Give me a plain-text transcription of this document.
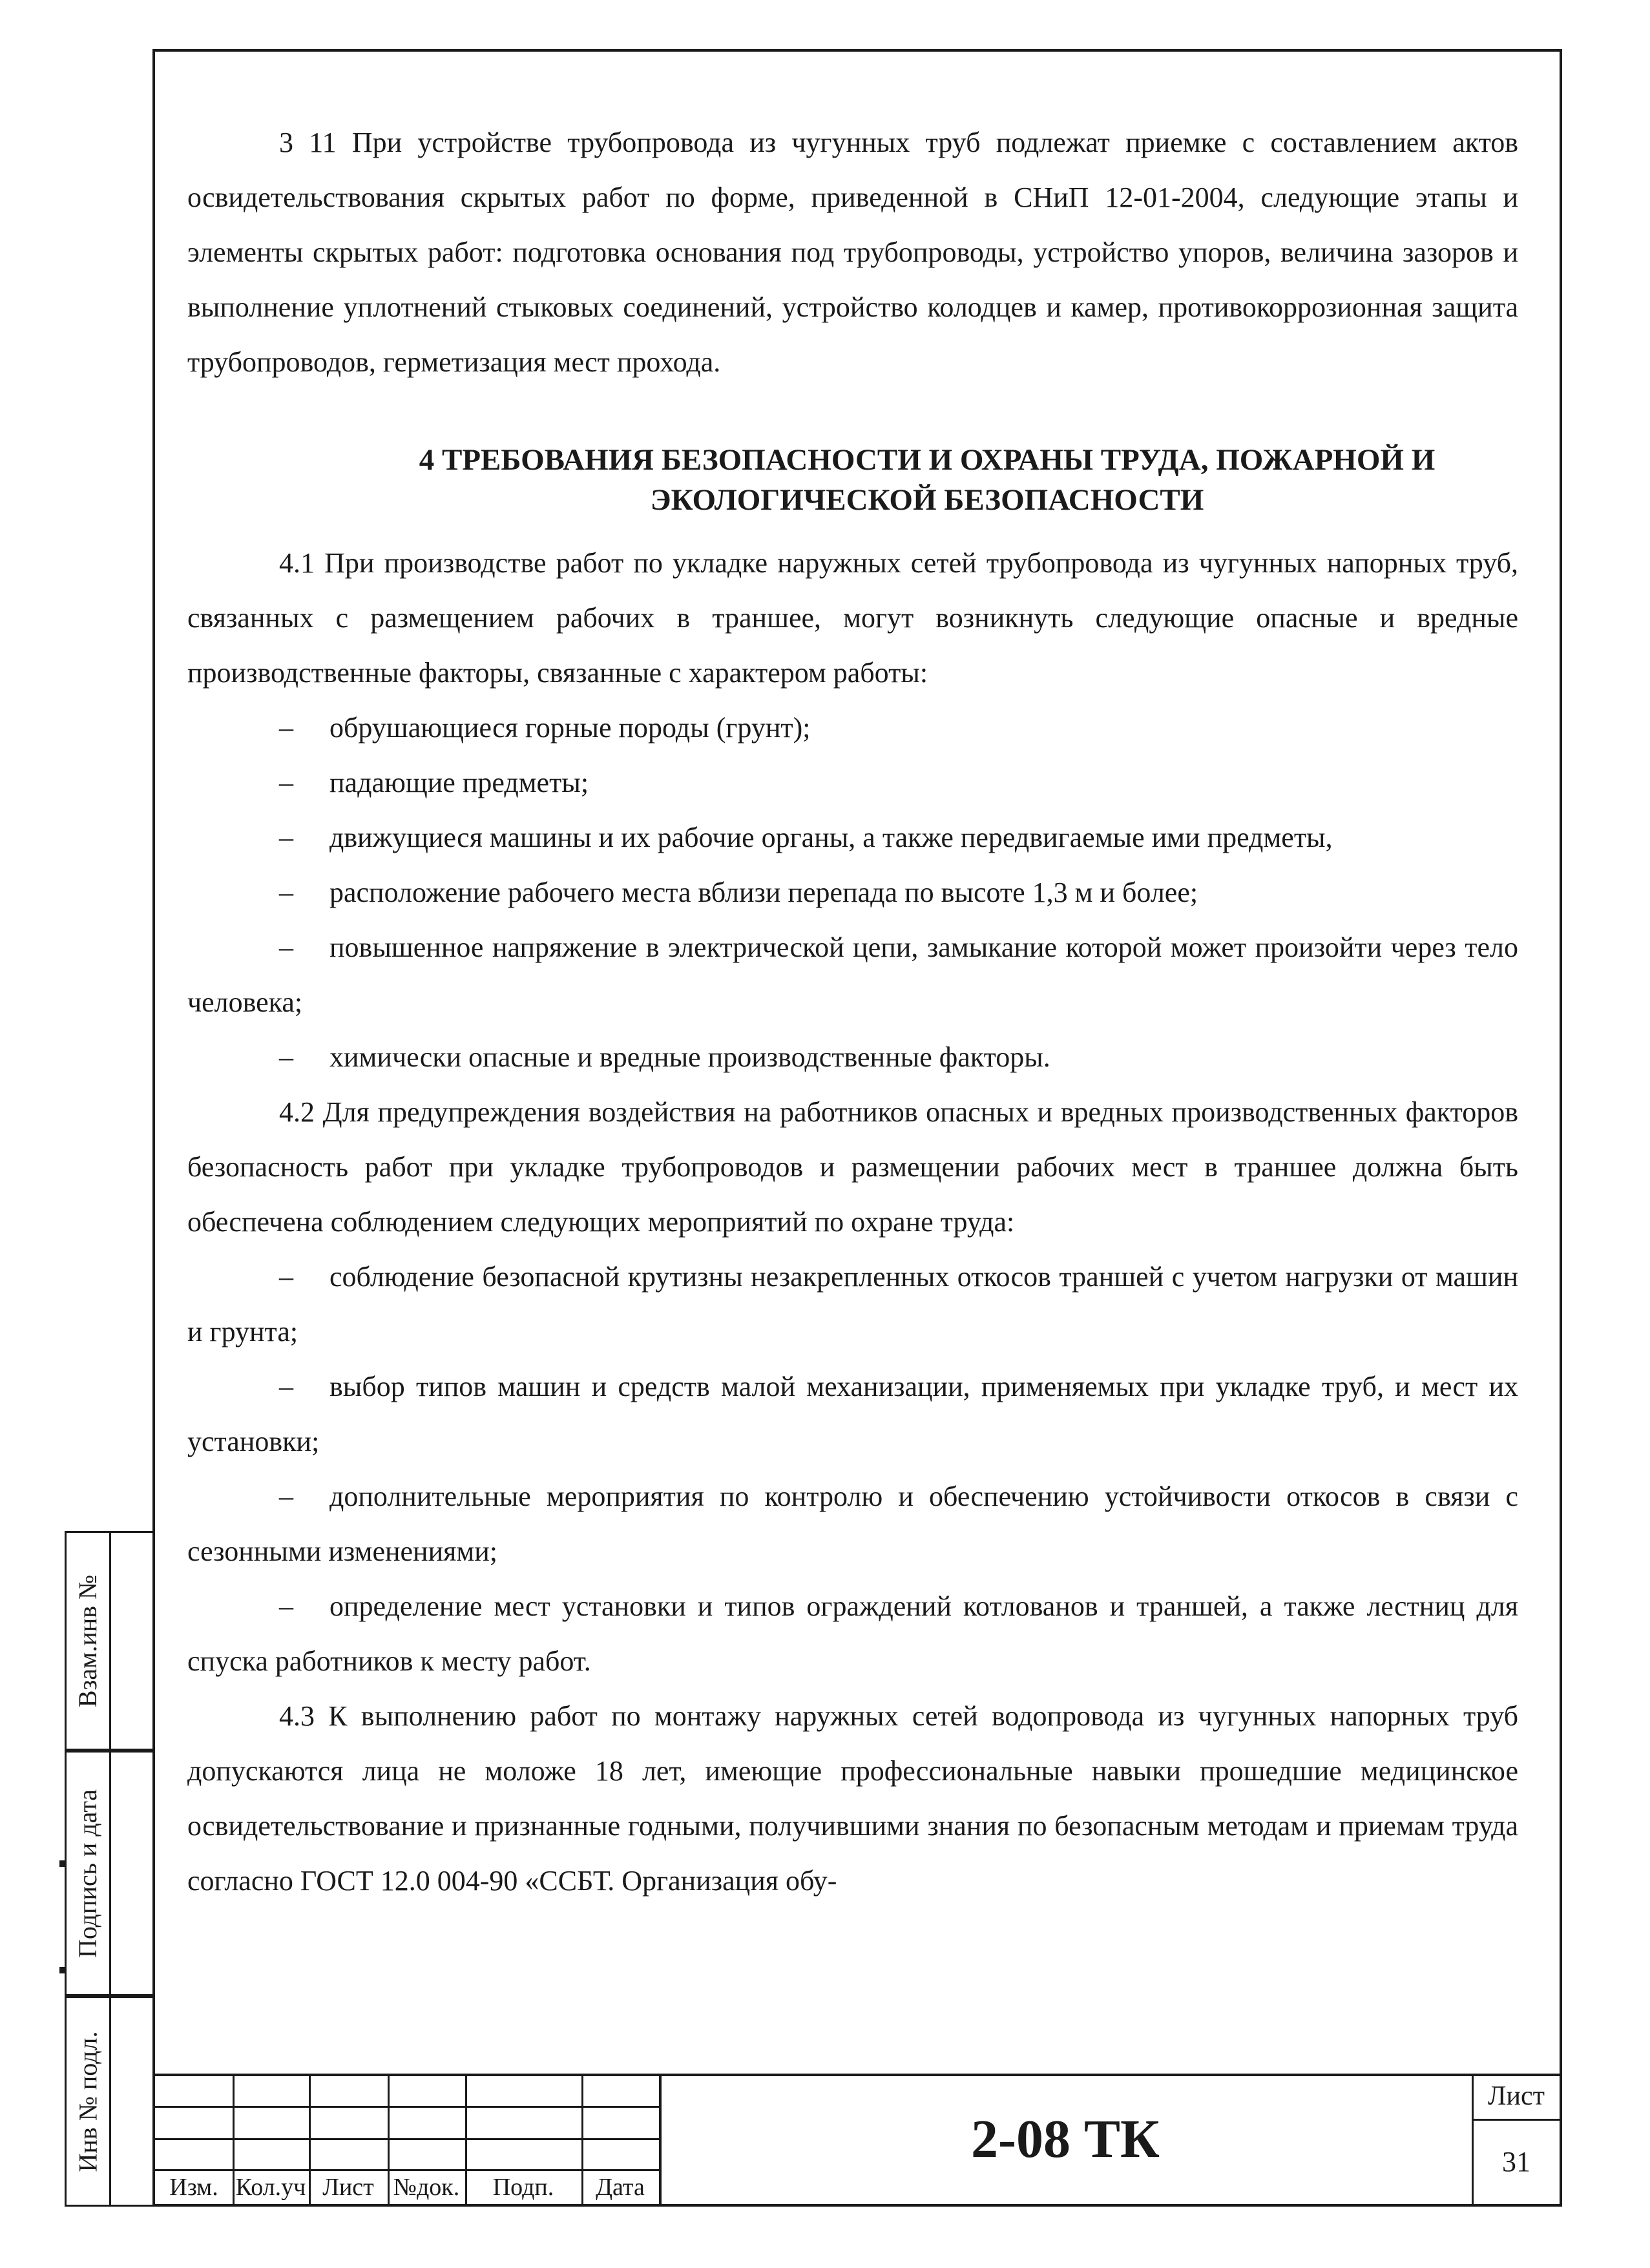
3 11 При устройстве трубопровода из чугунных труб подлежат приемке с составлением актов освидетельствования скрытых работ по форме, приведенной в СНиП 12-01-2004, следующие этапы и элементы скрытых работ: подготовка основания под трубопроводы, устройство упоров, величина зазоров и выполнение уплотнений стыковых соединений, устройство колодцев и камер, противокоррозионная защита трубопроводов, герметизация мест прохода.

4 ТРЕБОВАНИЯ БЕЗОПАСНОСТИ И ОХРАНЫ ТРУДА, ПОЖАРНОЙ И

ЭКОЛОГИЧЕСКОЙ БЕЗОПАСНОСТИ

4.1 При производстве работ по укладке наружных сетей трубопровода из чугунных напорных труб, связанных с размещением рабочих в траншее, могут возникнуть следующие опасные и вредные производственные факторы, связанные с характером работы:

– обрушающиеся горные породы (грунт);

– падающие предметы;

– движущиеся машины и их рабочие органы, а также передвигаемые ими предметы,

– расположение рабочего места вблизи перепада по высоте 1,3 м и более;

– повышенное напряжение в электрической цепи, замыкание которой может произойти через тело человека;

– химически опасные и вредные производственные факторы.

4.2 Для предупреждения воздействия на работников опасных и вредных производственных факторов безопасность работ при укладке трубопроводов и размещении рабочих мест в траншее должна быть обеспечена соблюдением следующих мероприятий по охране труда:

– соблюдение безопасной крутизны незакрепленных откосов траншей с учетом нагрузки от машин и грунта;

– выбор типов машин и средств малой механизации, применяемых при укладке труб, и мест их установки;

– дополнительные мероприятия по контролю и обеспечению устойчивости откосов в связи с сезонными изменениями;

– определение мест установки и типов ограждений котлованов и траншей, а также лестниц для спуска работников к месту работ.

4.3 К выполнению работ по монтажу наружных сетей водопровода из чугунных напорных труб допускаются лица не моложе 18 лет, имеющие профессиональные навыки прошедшие медицинское освидетельствование и признанные годными, получившими знания по безопасным методам и приемам труда согласно ГОСТ 12.0 004-90 «ССБТ. Организация обу-

Взам.инв №
Подпись и дата
Инв № подл.
Изм. Кол.уч Лист №док.	Подп.	Дата
2-08 ТК
Лист
31
